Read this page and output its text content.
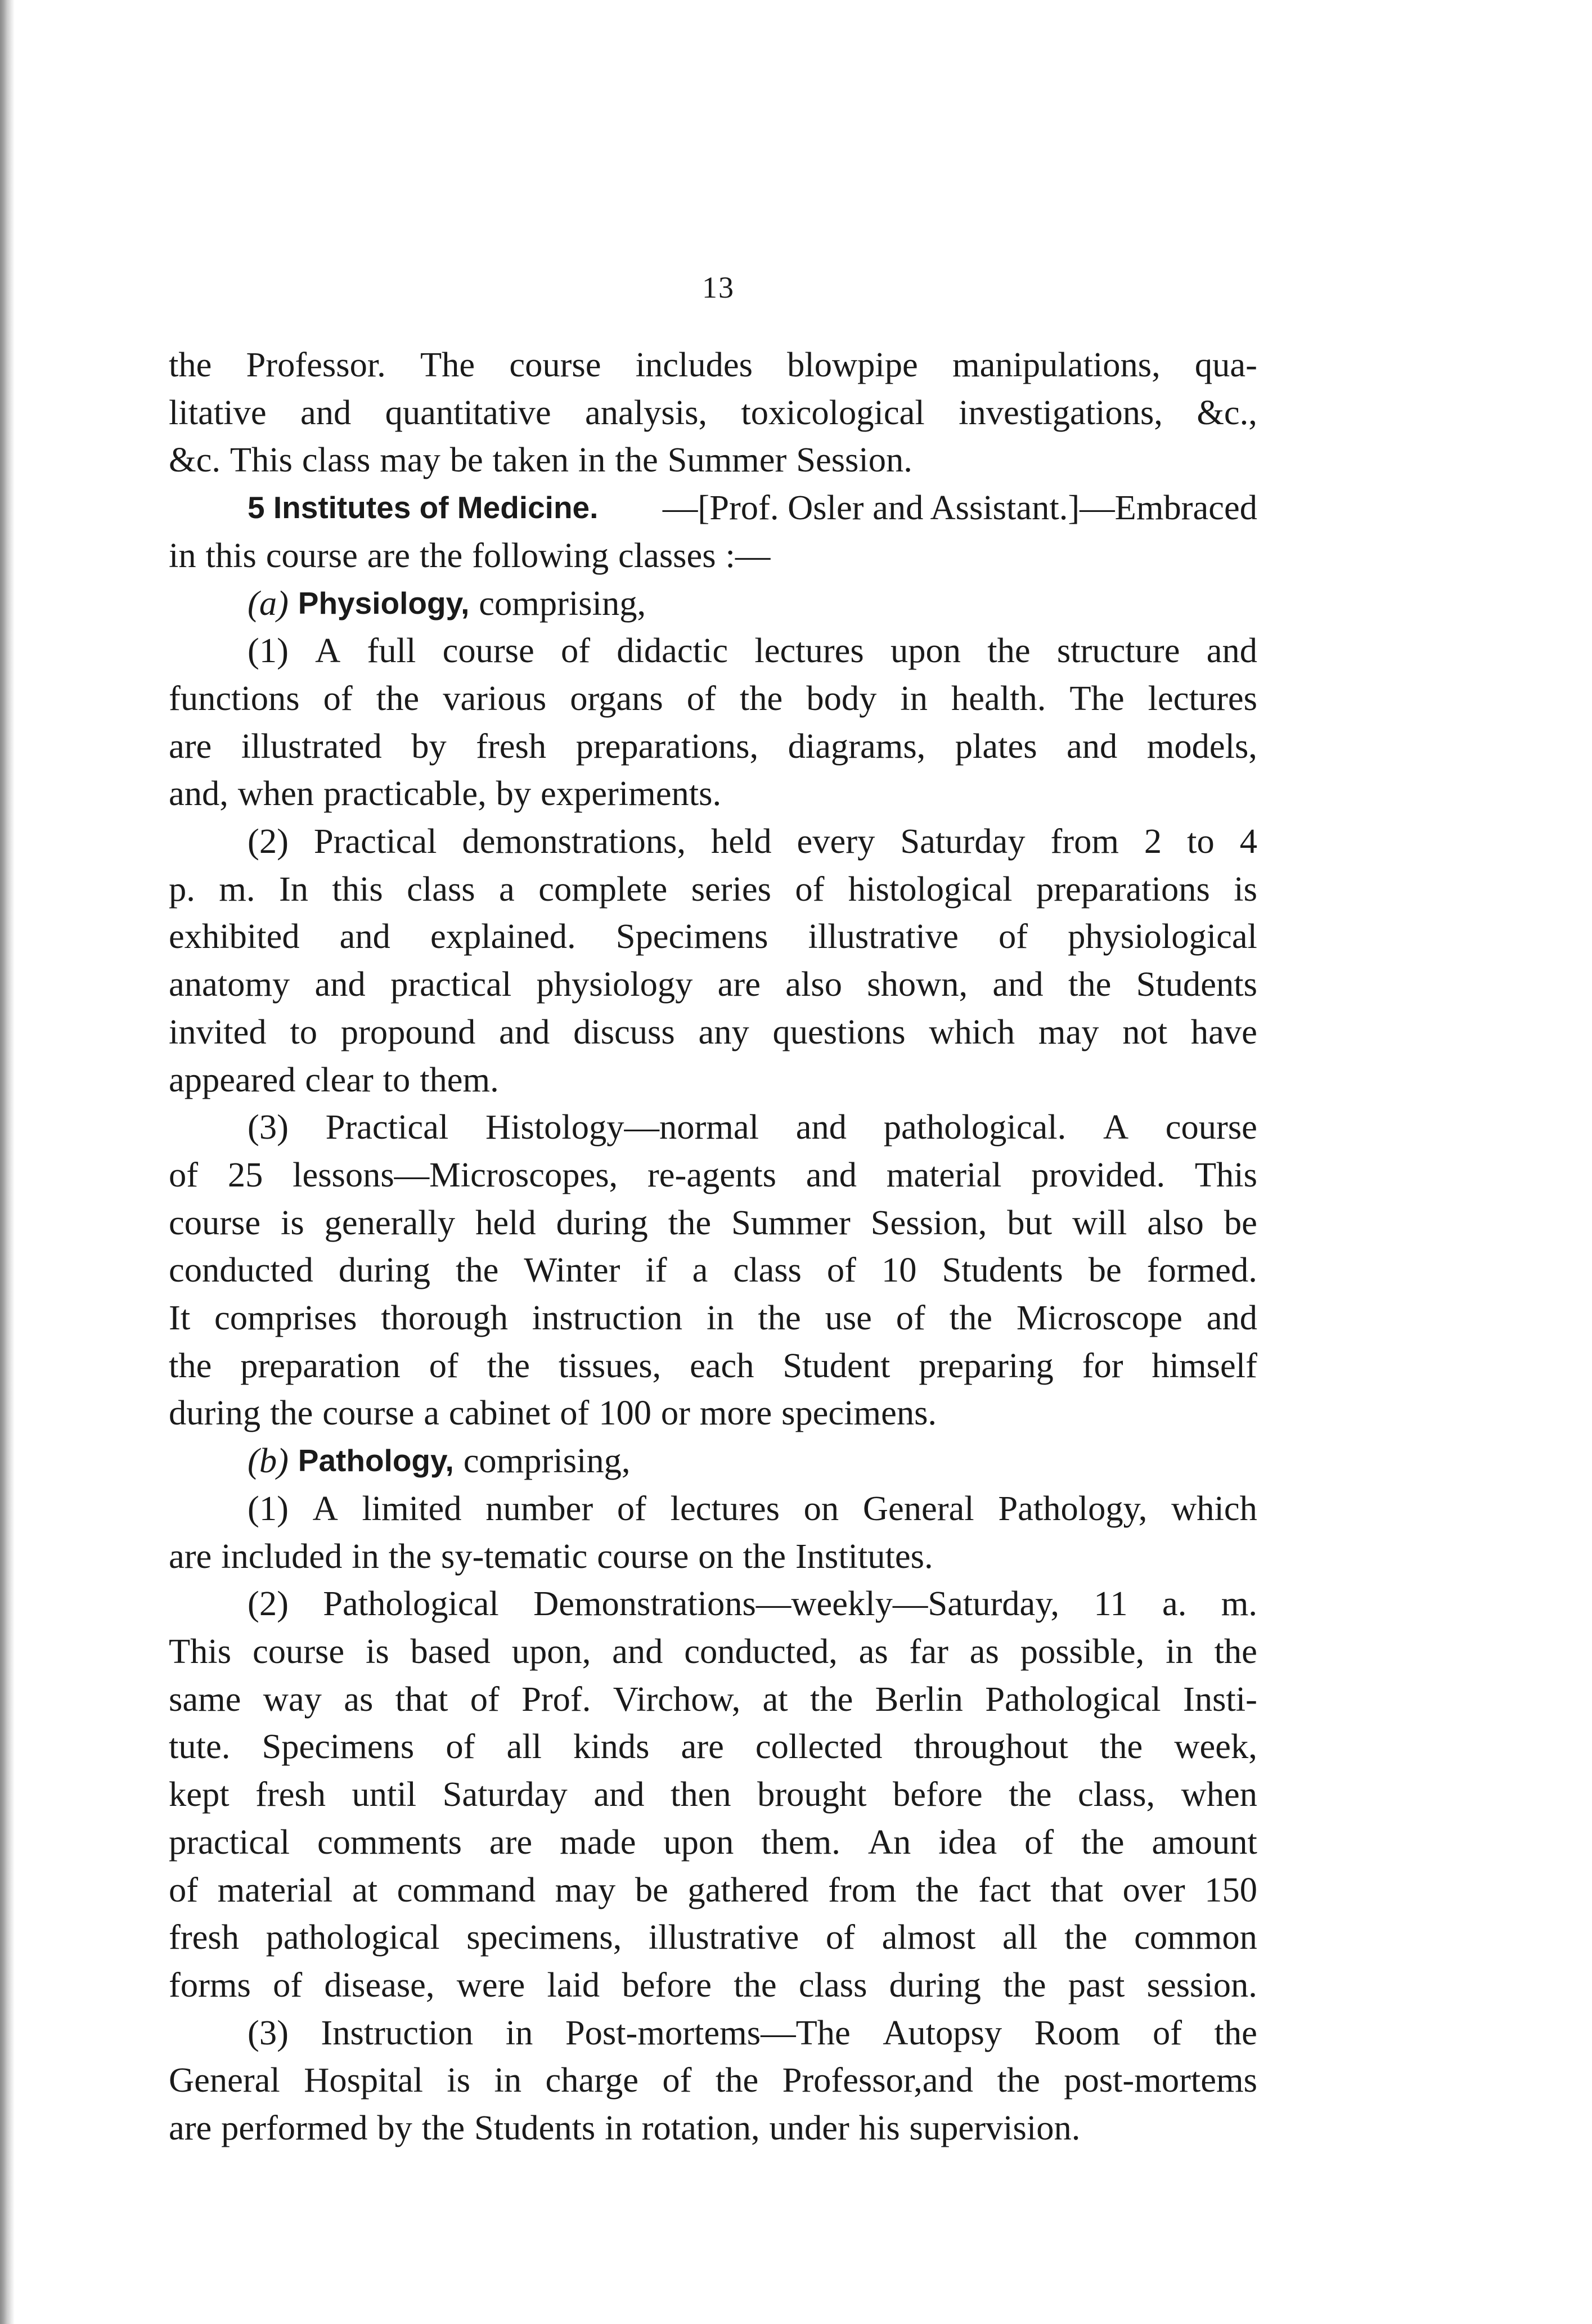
13
the Professor. The course includes blowpipe manipulations, qua-
litative and quantitative analysis, toxicological investigations, &c.,
&c. This class may be taken in the Summer Session.
5 Institutes of Medicine. —[Prof. Osler and Assistant.]—Embraced
in this course are the following classes :—
(a) Physiology, comprising,
(1) A full course of didactic lectures upon the structure and
functions of the various organs of the body in health. The lectures
are illustrated by fresh preparations, diagrams, plates and models,
and, when practicable, by experiments.
(2) Practical demonstrations, held every Saturday from 2 to 4
p. m. In this class a complete series of histological preparations is
exhibited and explained. Specimens illustrative of physiological
anatomy and practical physiology are also shown, and the Students
invited to propound and discuss any questions which may not have
appeared clear to them.
(3) Practical Histology—normal and pathological. A course
of 25 lessons—Microscopes, re-agents and material provided. This
course is generally held during the Summer Session, but will also be
conducted during the Winter if a class of 10 Students be formed.
It comprises thorough instruction in the use of the Microscope and
the preparation of the tissues, each Student preparing for himself
during the course a cabinet of 100 or more specimens.
(b) Pathology, comprising,
(1) A limited number of lectures on General Pathology, which
are included in the sy-tematic course on the Institutes.
(2) Pathological Demonstrations—weekly—Saturday, 11 a. m.
This course is based upon, and conducted, as far as possible, in the
same way as that of Prof. Virchow, at the Berlin Pathological Insti-
tute. Specimens of all kinds are collected throughout the week,
kept fresh until Saturday and then brought before the class, when
practical comments are made upon them. An idea of the amount
of material at command may be gathered from the fact that over 150
fresh pathological specimens, illustrative of almost all the common
forms of disease, were laid before the class during the past session.
(3) Instruction in Post-mortems—The Autopsy Room of the
General Hospital is in charge of the Professor,and the post-mortems
are performed by the Students in rotation, under his supervision.
